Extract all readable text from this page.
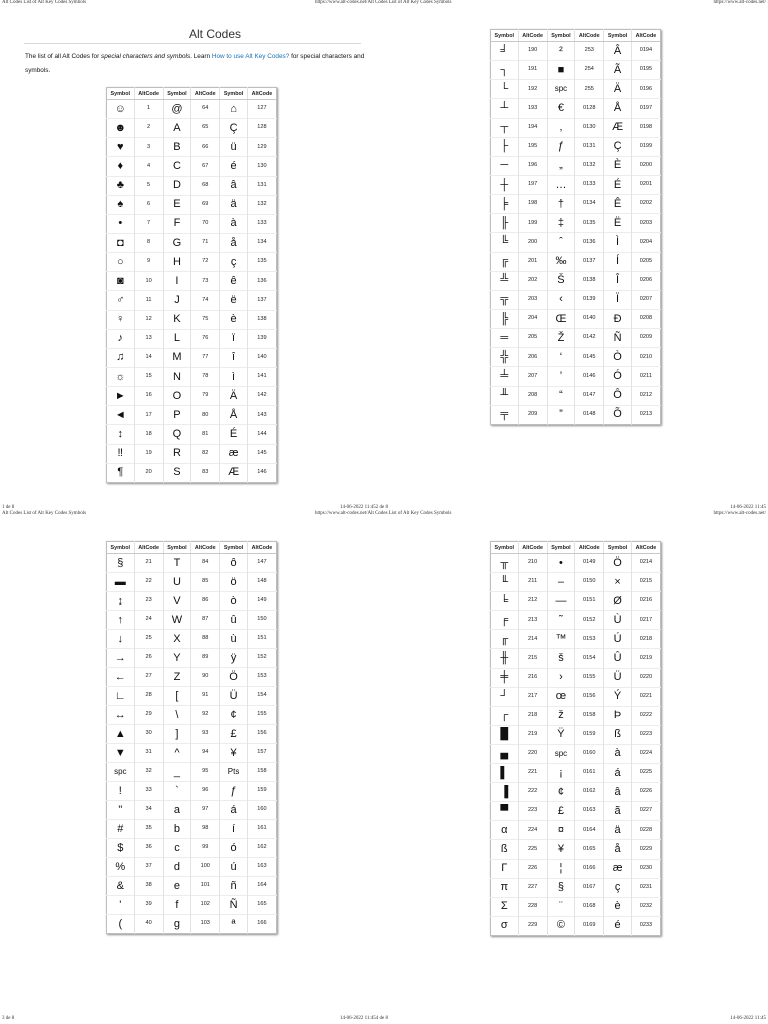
Alt Codes List of Alt Key Codes Symbols	https://www.alt-codes.net/Alt Codes List of Alt Key Codes Symbols	https://www.alt-codes.net/
1 de 8	14-06-2022 11:452 de 8	14-06-2022 11:45
Alt Codes List of Alt Key Codes Symbols	https://www.alt-codes.net/Alt Codes List of Alt Key Codes Symbols	https://www.alt-codes.net/
3 de 8	14-06-2022 11:454 de 8	14-06-2022 11:45
Alt Codes
The list of all Alt Codes for special characters and symbols. Learn How to use Alt Key Codes? for special characters and symbols.
Symbol	AltCode	Symbol	AltCode	Symbol	AltCode
☺	1	@	64	⌂	127
☻	2	A	65	Ç	128
♥	3	B	66	ü	129
♦	4	C	67	é	130
♣	5	D	68	â	131
♠	6	E	69	ä	132
•	7	F	70	à	133
◘	8	G	71	å	134
○	9	H	72	ç	135
◙	10	I	73	ê	136
♂	11	J	74	ë	137
♀	12	K	75	è	138
♪	13	L	76	ï	139
♫	14	M	77	î	140
☼	15	N	78	ì	141
►	16	O	79	Ä	142
◄	17	P	80	Å	143
↕	18	Q	81	É	144
‼	19	R	82	æ	145
¶	20	S	83	Æ	146
Symbol	AltCode	Symbol	AltCode	Symbol	AltCode
╛	190	²	253	Â	0194
┐	191	■	254	Ã	0195
└	192	spc	255	Ä	0196
┴	193	€	0128	Å	0197
┬	194	‚	0130	Æ	0198
├	195	ƒ	0131	Ç	0199
─	196	„	0132	È	0200
┼	197	…	0133	É	0201
╞	198	†	0134	Ê	0202
╟	199	‡	0135	Ë	0203
╚	200	ˆ	0136	Ì	0204
╔	201	‰	0137	Í	0205
╩	202	Š	0138	Î	0206
╦	203	‹	0139	Ï	0207
╠	204	Œ	0140	Ð	0208
═	205	Ž	0142	Ñ	0209
╬	206	‘	0145	Ò	0210
╧	207	’	0146	Ó	0211
╨	208	“	0147	Ô	0212
╤	209	”	0148	Õ	0213
Symbol	AltCode	Symbol	AltCode	Symbol	AltCode
§	21	T	84	ô	147
▬	22	U	85	ö	148
↨	23	V	86	ò	149
↑	24	W	87	û	150
↓	25	X	88	ù	151
→	26	Y	89	ÿ	152
←	27	Z	90	Ö	153
∟	28	[	91	Ü	154
↔	29	\	92	¢	155
▲	30	]	93	£	156
▼	31	^	94	¥	157
spc	32	_	95	Pts	158
!	33	`	96	ƒ	159
"	34	a	97	á	160
#	35	b	98	í	161
$	36	c	99	ó	162
%	37	d	100	ú	163
&	38	e	101	ñ	164
'	39	f	102	Ñ	165
(	40	g	103	ª	166
Symbol	AltCode	Symbol	AltCode	Symbol	AltCode
╥	210	•	0149	Ö	0214
╙	211	–	0150	×	0215
╘	212	—	0151	Ø	0216
╒	213	˜	0152	Ù	0217
╓	214	™	0153	Ú	0218
╫	215	š	0154	Û	0219
╪	216	›	0155	Ü	0220
┘	217	œ	0156	Ý	0221
┌	218	ž	0158	Þ	0222
█	219	Ÿ	0159	ß	0223
▄	220	spc	0160	à	0224
▌	221	¡	0161	á	0225
▐	222	¢	0162	â	0226
▀	223	£	0163	ã	0227
α	224	¤	0164	ä	0228
ß	225	¥	0165	å	0229
Γ	226	¦	0166	æ	0230
π	227	§	0167	ç	0231
Σ	228	¨	0168	è	0232
σ	229	©	0169	é	0233
